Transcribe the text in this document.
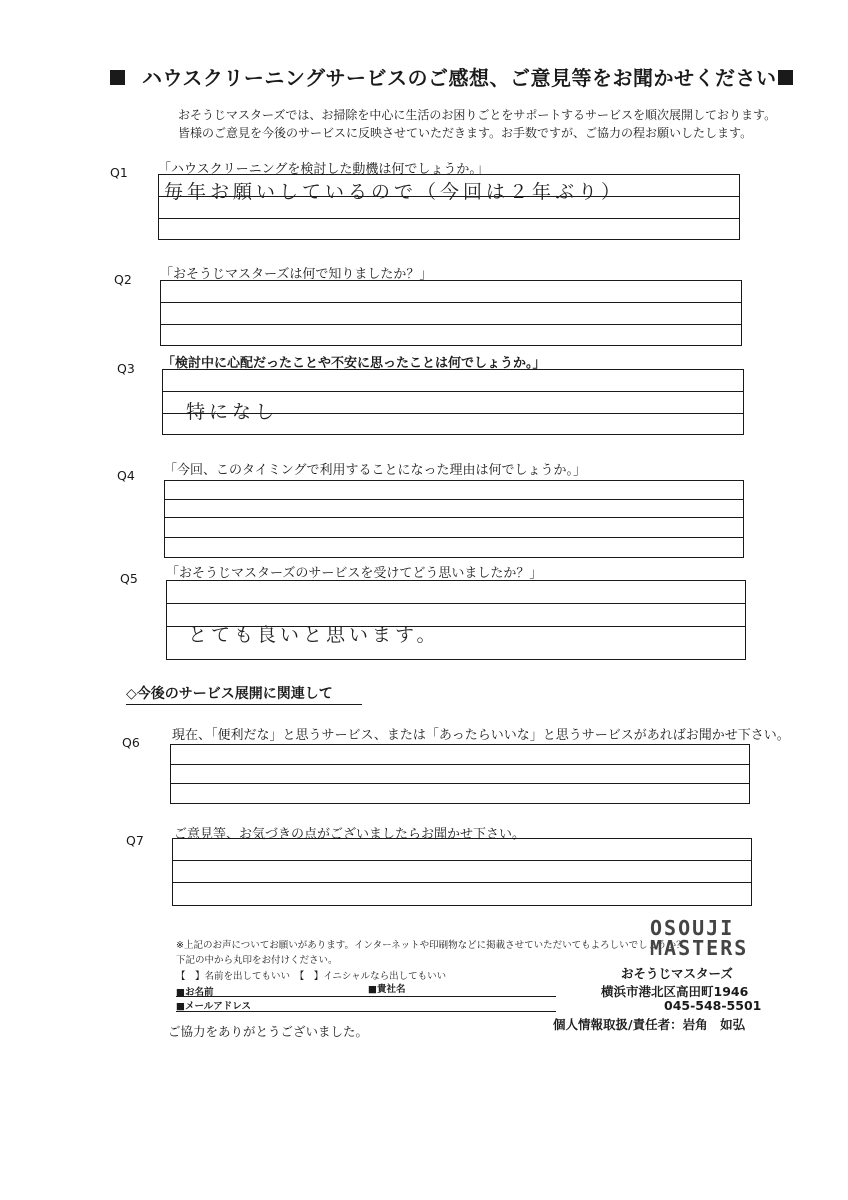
ハウスクリーニングサービスのご感想、ご意見等をお聞かせください
おそうじマスターズでは、お掃除を中心に生活のお困りごとをサポートするサービスを順次展開しております。
皆様のご意見を今後のサービスに反映させていただきます。お手数ですが、ご協力の程お願いしたします。
Q1 「ハウスクリーニングを検討した動機は何でしょうか。」
毎年お願いしているので（今回は２年ぶり）
Q2 「おそうじマスターズは何で知りましたか？」
Q3 「検討中に心配だったことや不安に思ったことは何でしょうか。」
特になし
Q4 「今回、このタイミングで利用することになった理由は何でしょうか。」
Q5 「おそうじマスターズのサービスを受けてどう思いましたか？」
とても良いと思います。
◇今後のサービス展開に関連して
Q6 現在、「便利だな」と思うサービス、または「あったらいいな」と思うサービスがあればお聞かせ下さい。
Q7 ご意見等、お気づきの点がございましたらお聞かせ下さい。
※上記のお声についてお願いがあります。インターネットや印刷物などに掲載させていただいてもよろしいでしょうか？
下記の中から丸印をお付けください。
【　】名前を出してもいい　【　】イニシャルなら出してもいい
■お名前	■貴社名
■メールアドレス
ご協力をありがとうございました。
OSOUJI
MASTERS
おそうじマスターズ
横浜市港北区高田町1946
045-548-5501
個人情報取扱/責任者：岩角　如弘
